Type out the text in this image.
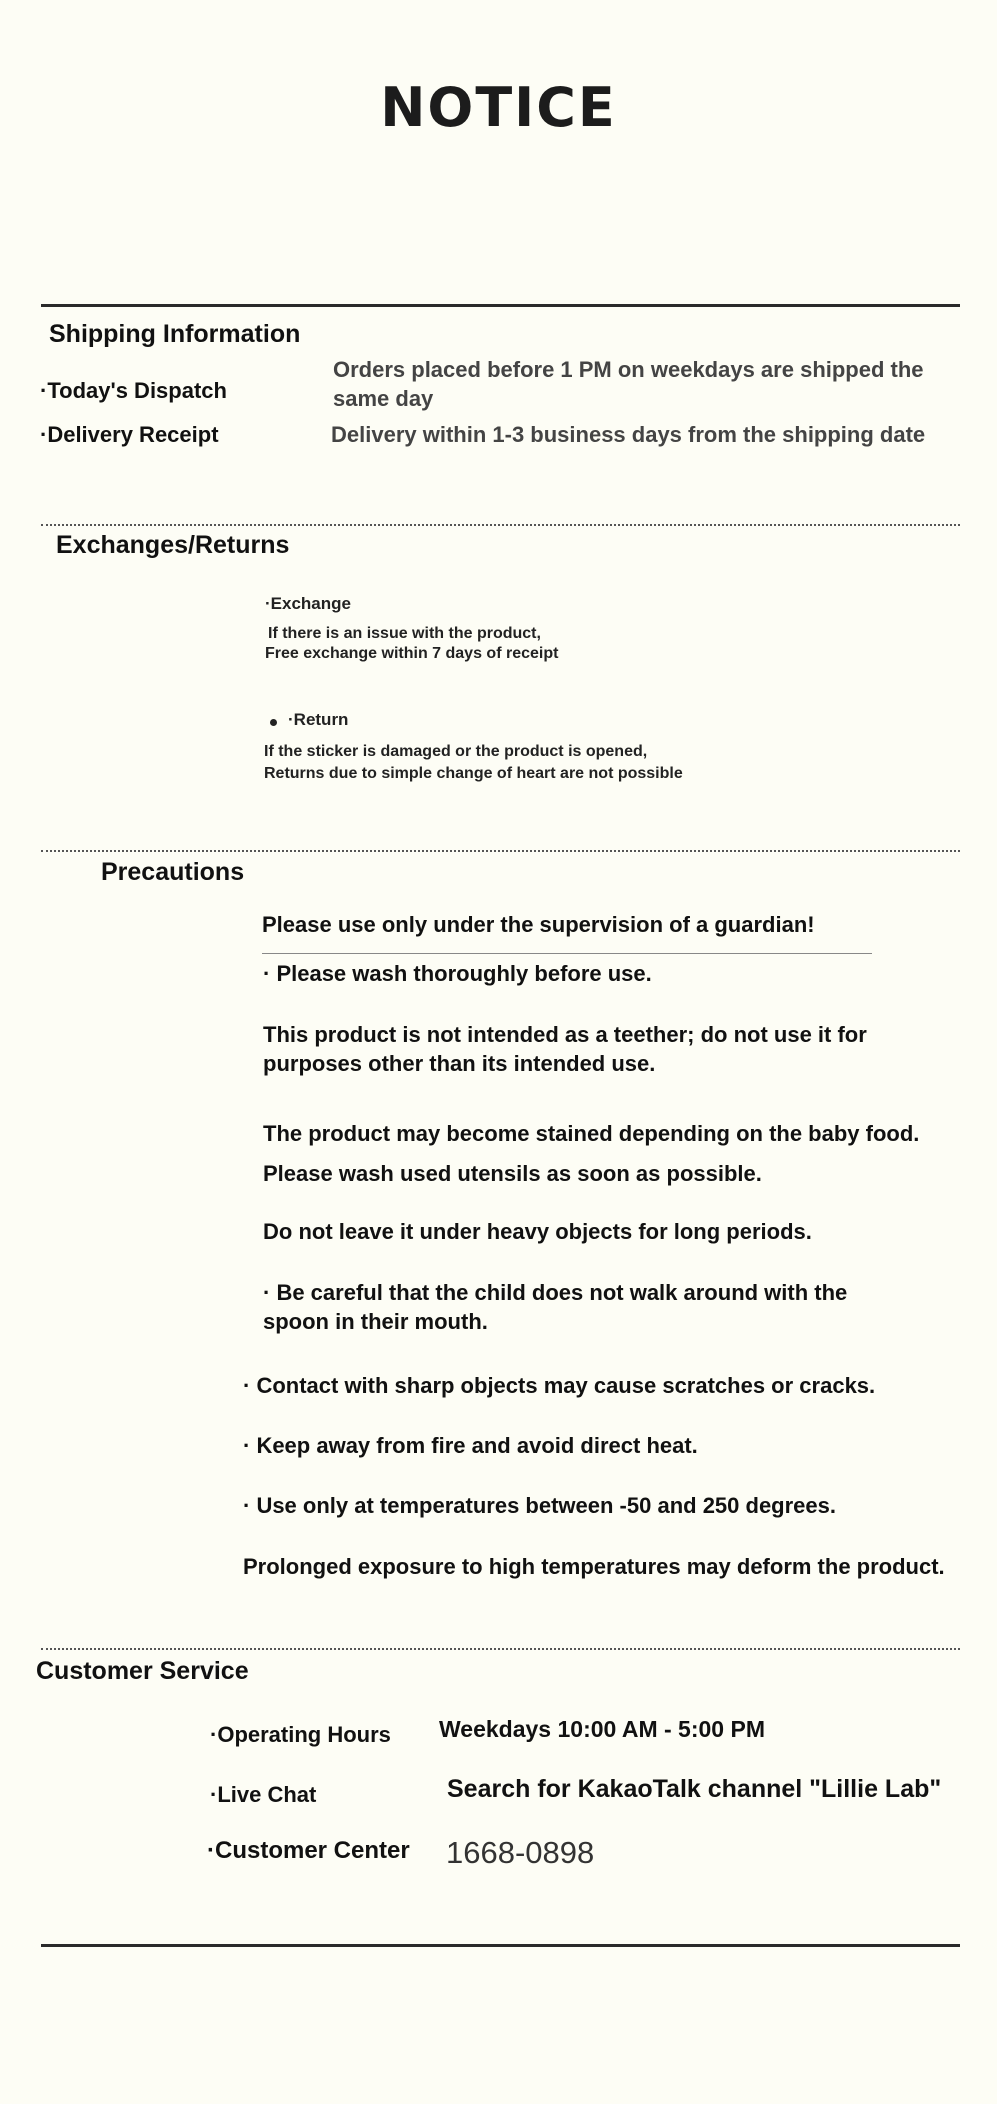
NOTICE
Shipping Information
·Today's Dispatch
Orders placed before 1 PM on weekdays are shipped the same day
·Delivery Receipt	Delivery within 1-3 business days from the shipping date
Exchanges/Returns
·Exchange
If there is an issue with the product,
Free exchange within 7 days of receipt
·Return
If the sticker is damaged or the product is opened,
Returns due to simple change of heart are not possible
Precautions
Please use only under the supervision of a guardian!
· Please wash thoroughly before use.
This product is not intended as a teether; do not use it for
purposes other than its intended use.
The product may become stained depending on the baby food.
Please wash used utensils as soon as possible.
Do not leave it under heavy objects for long periods.
· Be careful that the child does not walk around with the
spoon in their mouth.
· Contact with sharp objects may cause scratches or cracks.
· Keep away from fire and avoid direct heat.
· Use only at temperatures between -50 and 250 degrees.
Prolonged exposure to high temperatures may deform the product.
Customer Service
·Operating Hours Weekdays 10:00 AM - 5:00 PM
·Live Chat	Search for KakaoTalk channel "Lillie Lab"
·Customer Center 1668-0898
